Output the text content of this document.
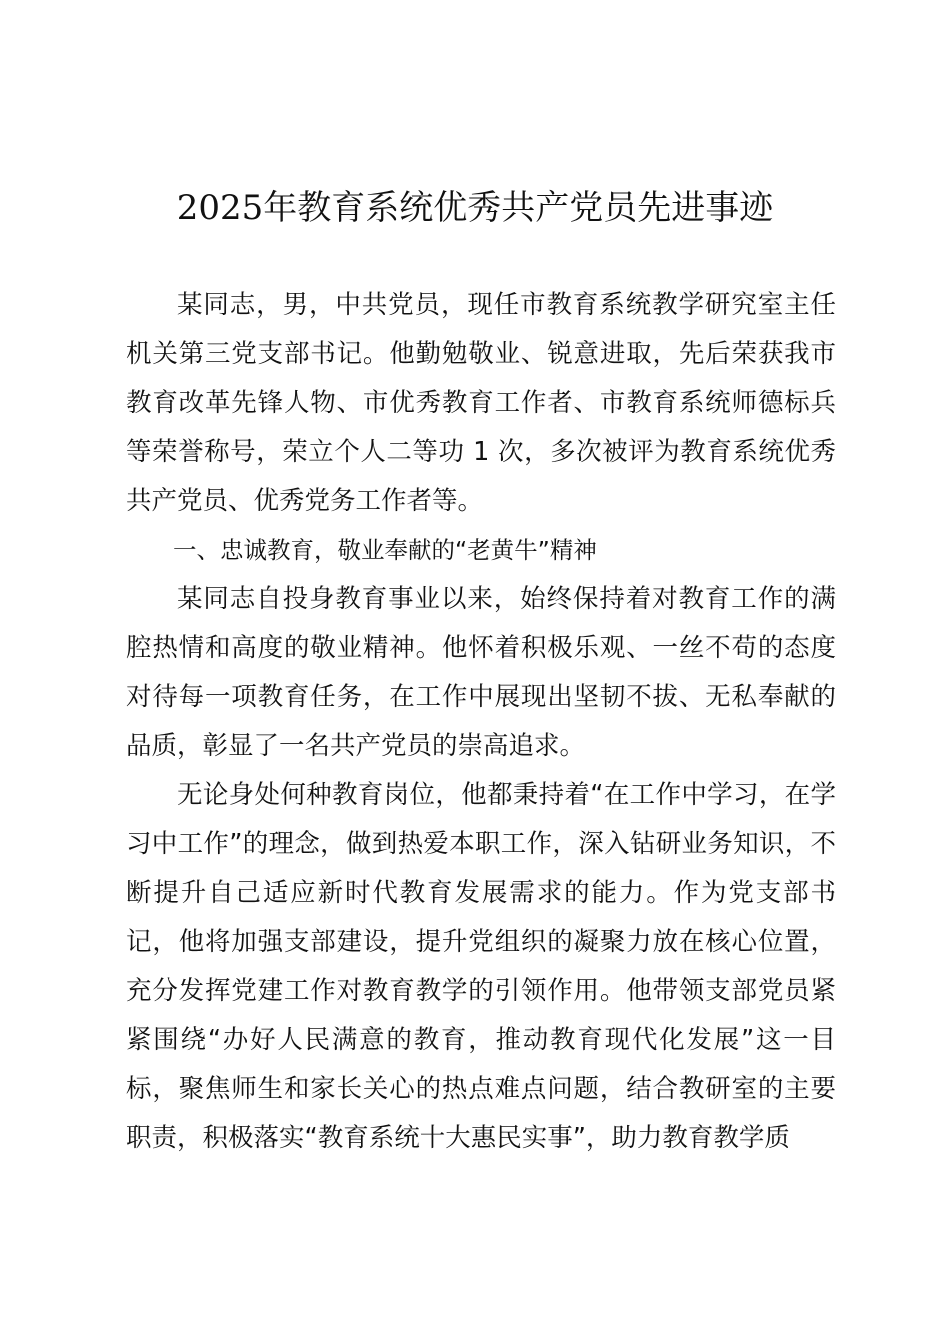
2025年教育系统优秀共产党员先进事迹

某同志，男，中共党员，现任市教育系统教学研究室主任机关第三党支部书记。他勤勉敬业、锐意进取，先后荣获我市教育改革先锋人物、市优秀教育工作者、市教育系统师德标兵等荣誉称号，荣立个人二等功 1 次，多次被评为教育系统优秀共产党员、优秀党务工作者等。

一、忠诚教育，敬业奉献的“老黄牛”精神

某同志自投身教育事业以来，始终保持着对教育工作的满腔热情和高度的敬业精神。他怀着积极乐观、一丝不苟的态度对待每一项教育任务，在工作中展现出坚韧不拔、无私奉献的品质，彰显了一名共产党员的崇高追求。

无论身处何种教育岗位，他都秉持着“在工作中学习，在学习中工作”的理念，做到热爱本职工作，深入钻研业务知识，不断提升自己适应新时代教育发展需求的能力。作为党支部书记，他将加强支部建设，提升党组织的凝聚力放在核心位置，充分发挥党建工作对教育教学的引领作用。他带领支部党员紧紧围绕“办好人民满意的教育，推动教育现代化发展”这一目标，聚焦师生和家长关心的热点难点问题，结合教研室的主要职责，积极落实“教育系统十大惠民实事”，助力教育教学质
